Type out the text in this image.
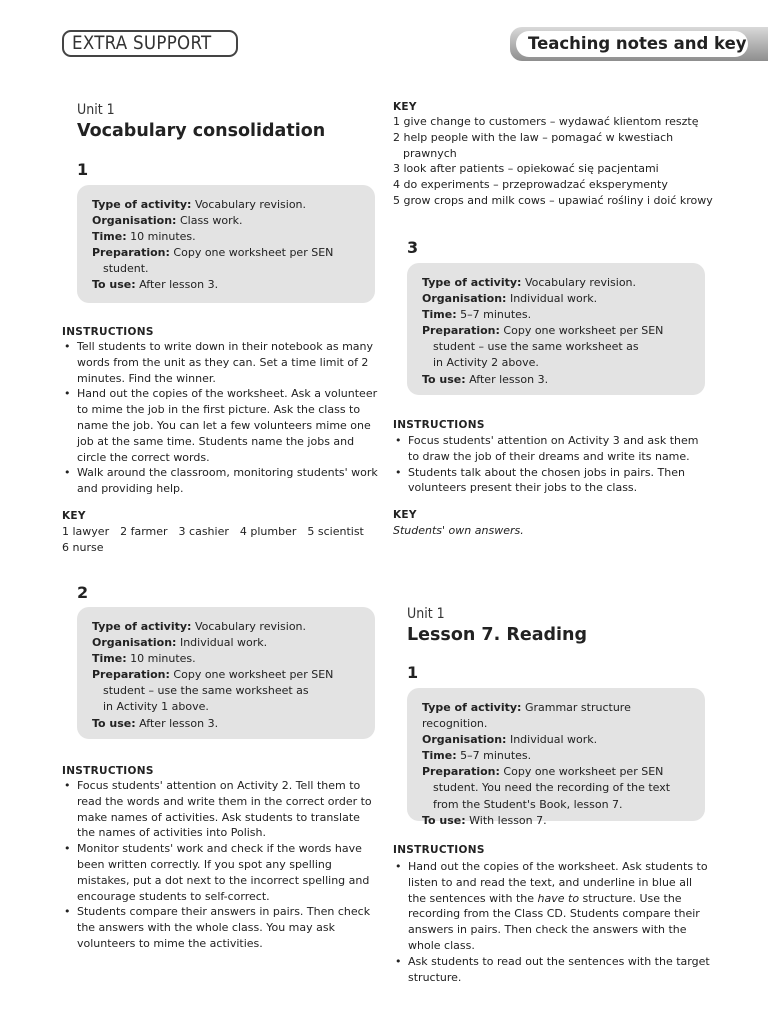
EXTRA SUPPORT	Teaching notes and key
Unit 1
Vocabulary consolidation
1
Type of activity: Vocabulary revision.
Organisation: Class work.
Time: 10 minutes.
Preparation: Copy one worksheet per SEN
student.
To use: After lesson 3.
INSTRUCTIONS
• Tell students to write down in their notebook as many words from the unit as they can. Set a time limit of 2 minutes. Find the winner.
• Hand out the copies of the worksheet. Ask a volunteer to mime the job in the first picture. Ask the class to name the job. You can let a few volunteers mime one job at the same time. Students name the jobs and circle the correct words.
• Walk around the classroom, monitoring students' work and providing help.
KEY
1 lawyer 2 farmer 3 cashier 4 plumber 5 scientist
6 nurse
2
Type of activity: Vocabulary revision.
Organisation: Individual work.
Time: 10 minutes.
Preparation: Copy one worksheet per SEN
student – use the same worksheet as
in Activity 1 above.
To use: After lesson 3.
INSTRUCTIONS
• Focus students' attention on Activity 2. Tell them to read the words and write them in the correct order to make names of activities. Ask students to translate the names of activities into Polish.
• Monitor students' work and check if the words have been written correctly. If you spot any spelling mistakes, put a dot next to the incorrect spelling and encourage students to self-correct.
• Students compare their answers in pairs. Then check the answers with the whole class. You may ask volunteers to mime the activities.
KEY
1 give change to customers – wydawać klientom resztę
2 help people with the law – pomagać w kwestiach
prawnych
3 look after patients – opiekować się pacjentami
4 do experiments – przeprowadzać eksperymenty
5 grow crops and milk cows – upawiać rośliny i doić krowy
3
Type of activity: Vocabulary revision.
Organisation: Individual work.
Time: 5–7 minutes.
Preparation: Copy one worksheet per SEN
student – use the same worksheet as
in Activity 2 above.
To use: After lesson 3.
INSTRUCTIONS
• Focus students' attention on Activity 3 and ask them to draw the job of their dreams and write its name.
• Students talk about the chosen jobs in pairs. Then volunteers present their jobs to the class.
KEY
Students' own answers.
Unit 1
Lesson 7. Reading
1
Type of activity: Grammar structure recognition.
Organisation: Individual work.
Time: 5–7 minutes.
Preparation: Copy one worksheet per SEN
student. You need the recording of the text
from the Student's Book, lesson 7.
To use: With lesson 7.
INSTRUCTIONS
• Hand out the copies of the worksheet. Ask students to listen to and read the text, and underline in blue all the sentences with the have to structure. Use the recording from the Class CD. Students compare their answers in pairs. Then check the answers with the whole class.
• Ask students to read out the sentences with the target structure.
